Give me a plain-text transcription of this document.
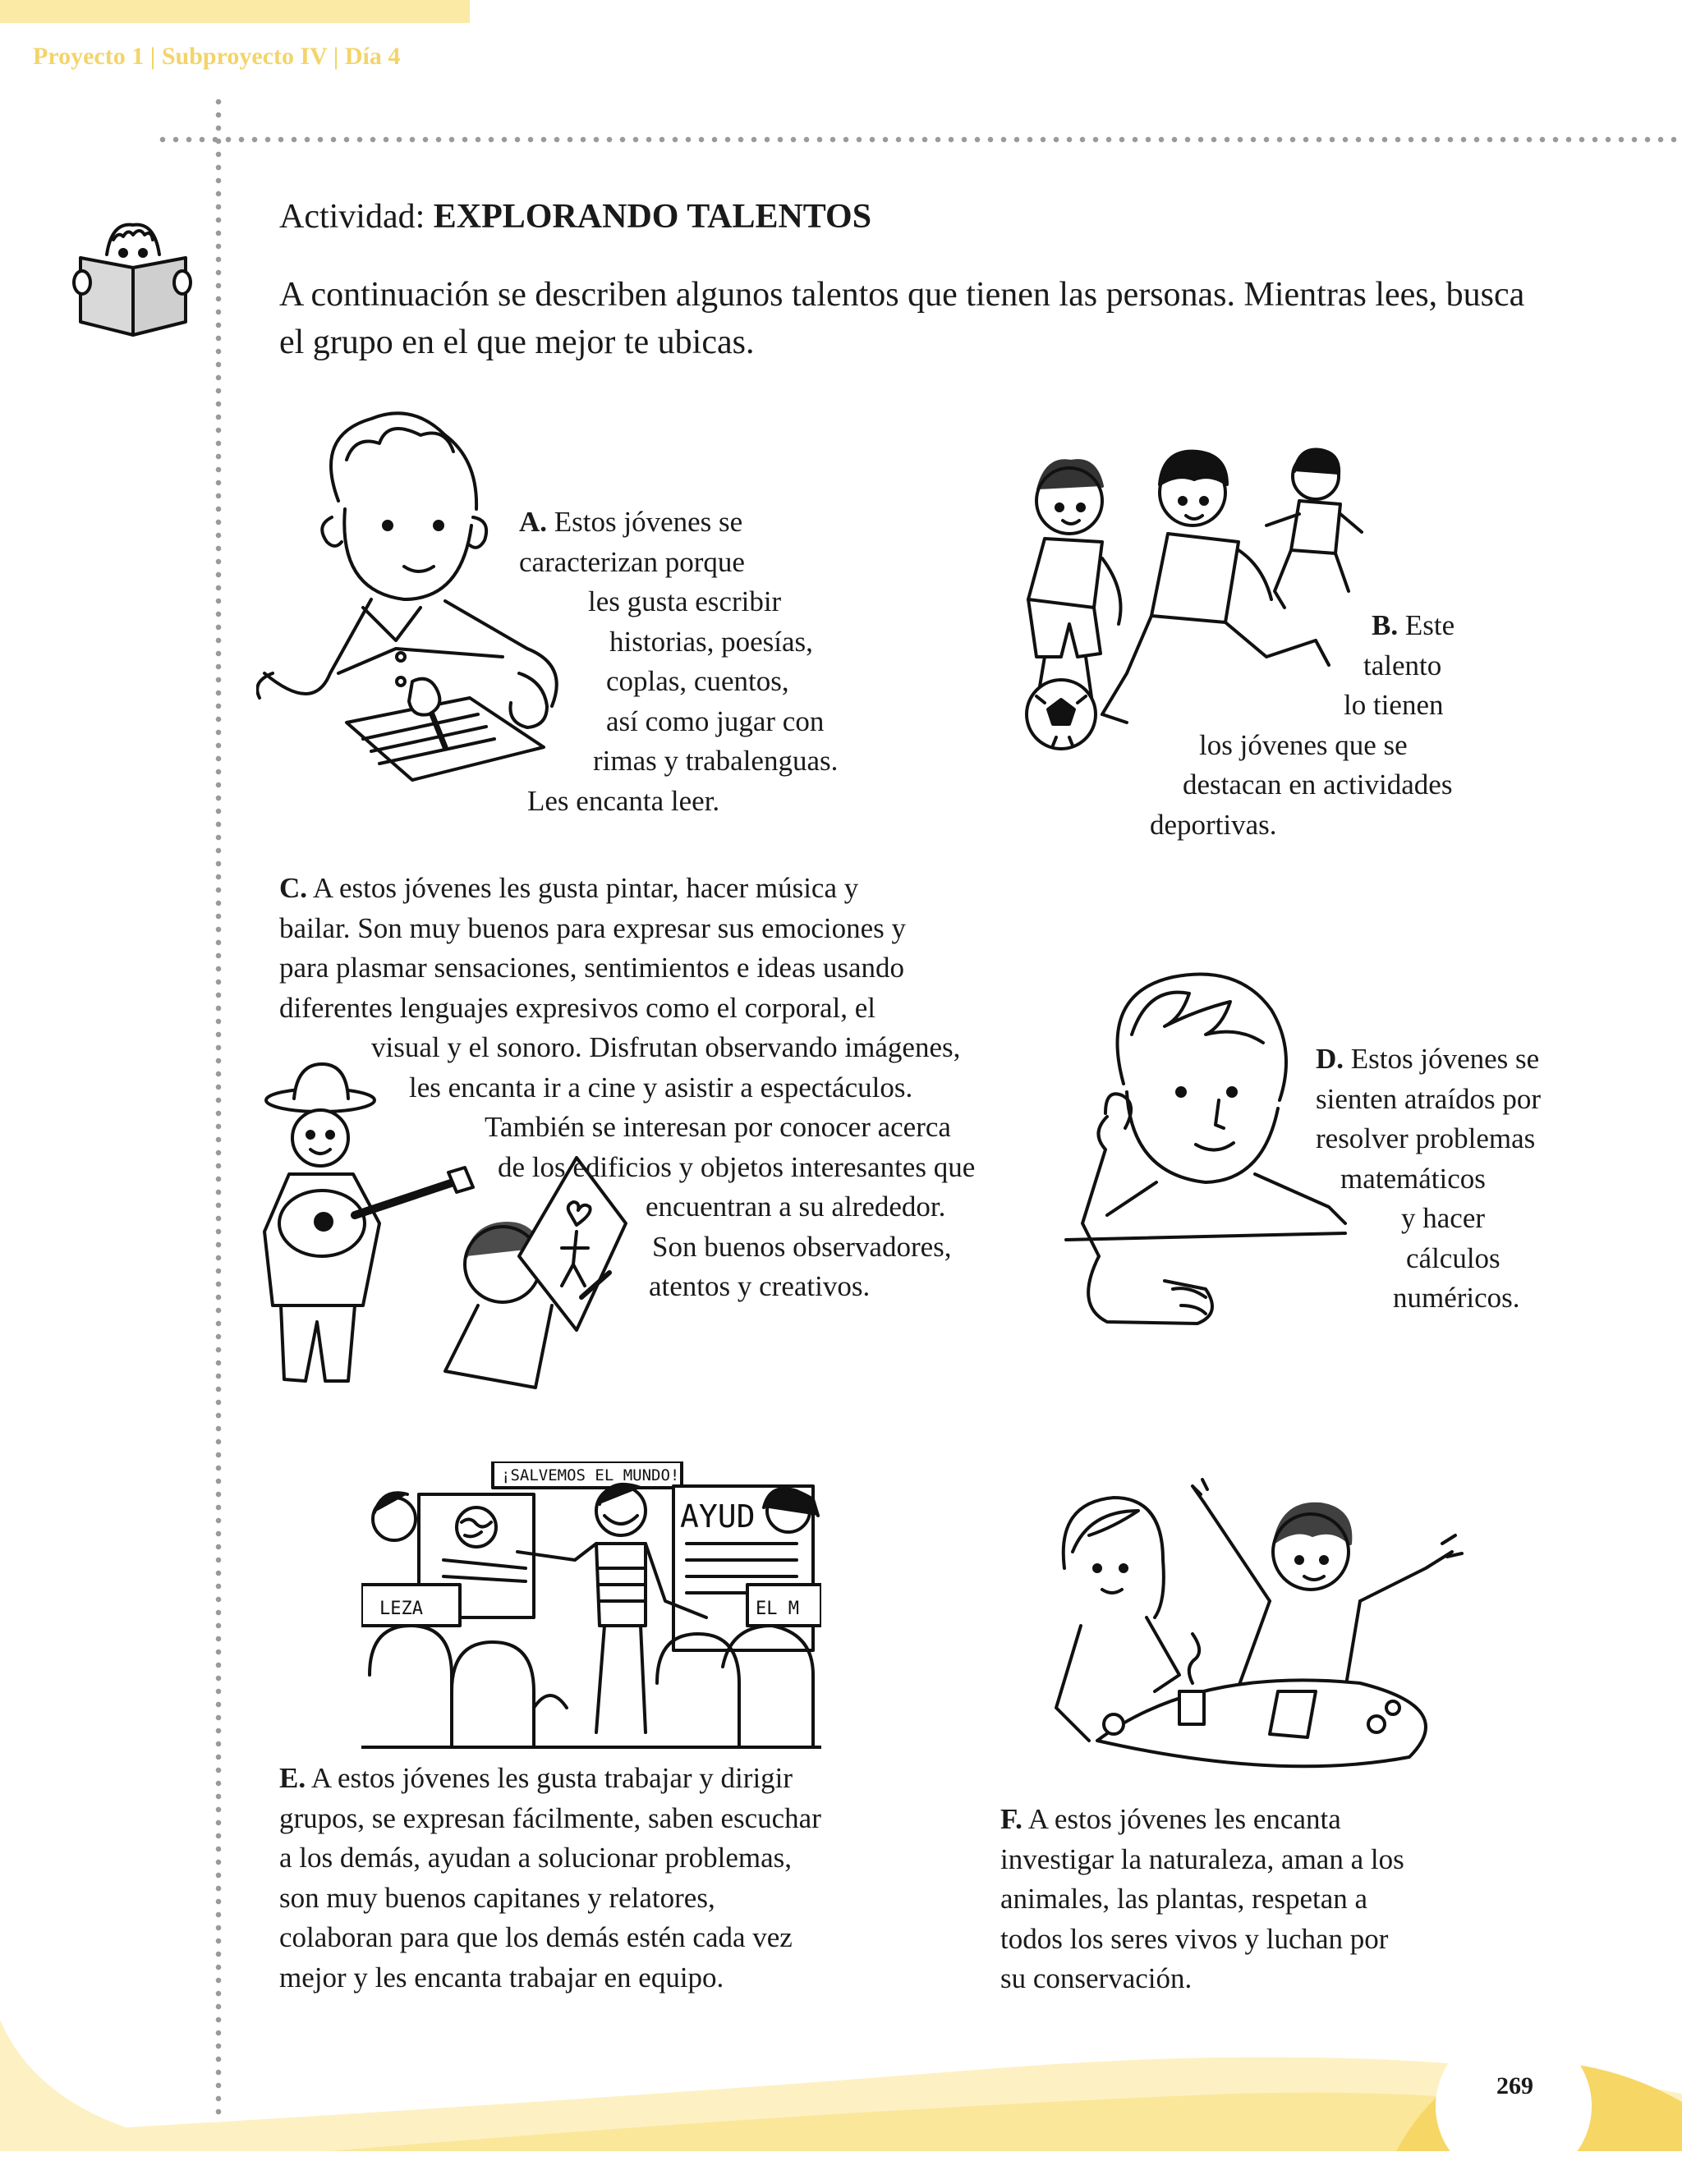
Proyecto 1 | Subproyecto IV | Día 4
Actividad: EXPLORANDO TALENTOS
A continuación se describen algunos talentos que tienen las personas. Mientras lees, busca el grupo en el que mejor te ubicas.
¡SALVEMOS EL MUNDO!
AYUD
LEZA	EL M
A. Estos jóvenes se
caracterizan porque
les gusta escribir
historias, poesías,
coplas, cuentos,
así como jugar con
rimas y trabalenguas.
Les encanta leer.
B. Este
talento
lo tienen
los jóvenes que se
destacan en actividades
deportivas.
C. A estos jóvenes les gusta pintar, hacer música y
bailar. Son muy buenos para expresar sus emociones y
para plasmar sensaciones, sentimientos e ideas usando
diferentes lenguajes expresivos como el corporal, el
visual y el sonoro. Disfrutan observando imágenes,
les encanta ir a cine y asistir a espectáculos.
También se interesan por conocer acerca
de los edificios y objetos interesantes que
encuentran a su alrededor.
Son buenos observadores,
atentos y creativos.
D. Estos jóvenes se
sienten atraídos por
resolver problemas
matemáticos
y hacer
cálculos
numéricos.
E. A estos jóvenes les gusta trabajar y dirigir
grupos, se expresan fácilmente, saben escuchar
a los demás, ayudan a solucionar problemas,
son muy buenos capitanes y relatores,
colaboran para que los demás estén cada vez
mejor y les encanta trabajar en equipo.
F. A estos jóvenes les encanta
investigar la naturaleza, aman a los
animales, las plantas, respetan a
todos los seres vivos y luchan por
su conservación.
269
